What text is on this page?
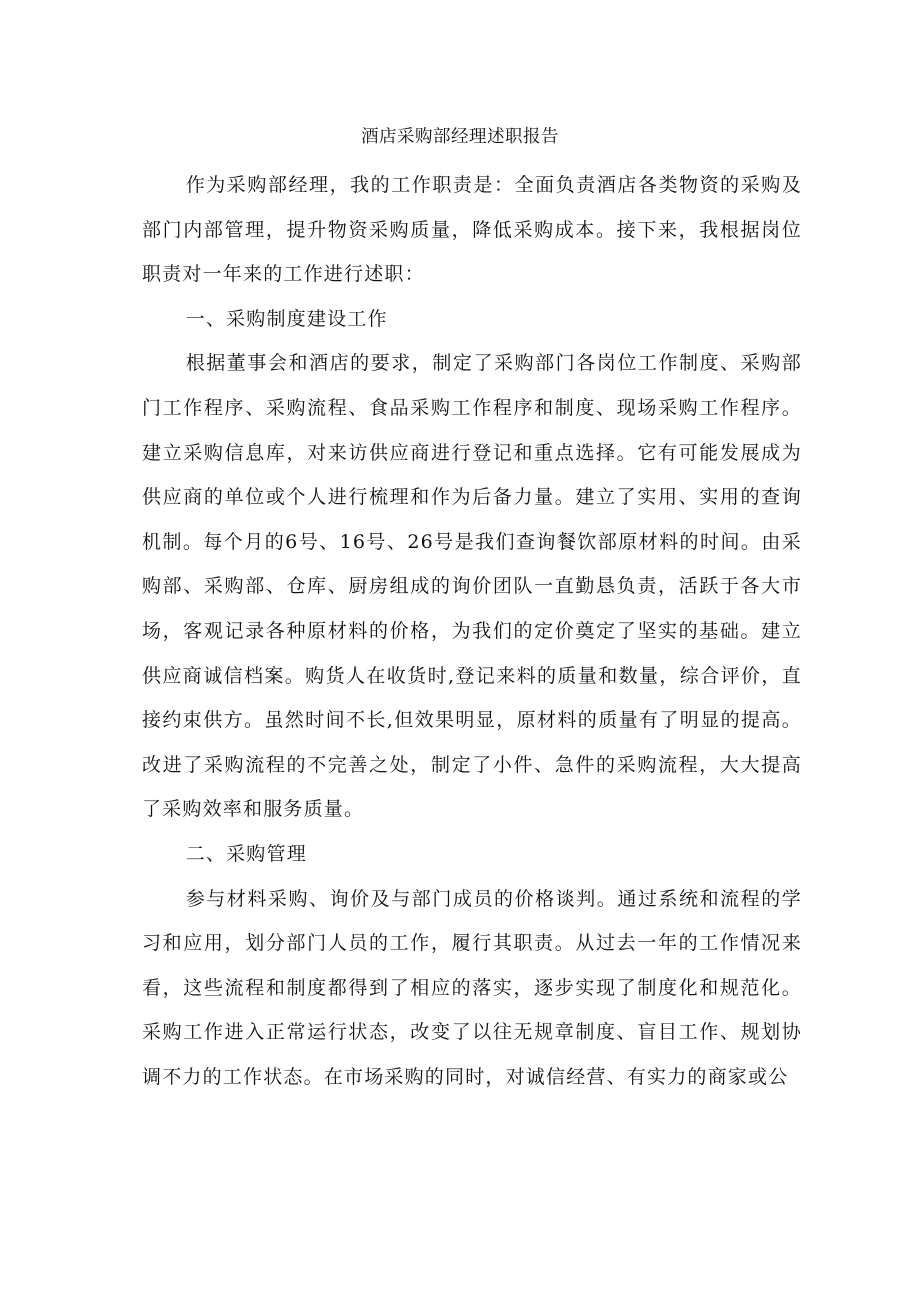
酒店采购部经理述职报告

作为采购部经理，我的工作职责是：全面负责酒店各类物资的采购及部门内部管理，提升物资采购质量，降低采购成本。接下来，我根据岗位职责对一年来的工作进行述职：

一、采购制度建设工作

根据董事会和酒店的要求，制定了采购部门各岗位工作制度、采购部门工作程序、采购流程、食品采购工作程序和制度、现场采购工作程序。建立采购信息库，对来访供应商进行登记和重点选择。它有可能发展成为供应商的单位或个人进行梳理和作为后备力量。建立了实用、实用的查询机制。每个月的6号、16号、26号是我们查询餐饮部原材料的时间。由采购部、采购部、仓库、厨房组成的询价团队一直勤恳负责，活跃于各大市场，客观记录各种原材料的价格，为我们的定价奠定了坚实的基础。建立供应商诚信档案。购货人在收货时,登记来料的质量和数量，综合评价，直接约束供方。虽然时间不长,但效果明显，原材料的质量有了明显的提高。改进了采购流程的不完善之处，制定了小件、急件的采购流程，大大提高了采购效率和服务质量。

二、采购管理

参与材料采购、询价及与部门成员的价格谈判。通过系统和流程的学习和应用，划分部门人员的工作，履行其职责。从过去一年的工作情况来看，这些流程和制度都得到了相应的落实，逐步实现了制度化和规范化。采购工作进入正常运行状态，改变了以往无规章制度、盲目工作、规划协调不力的工作状态。在市场采购的同时，对诚信经营、有实力的商家或公
